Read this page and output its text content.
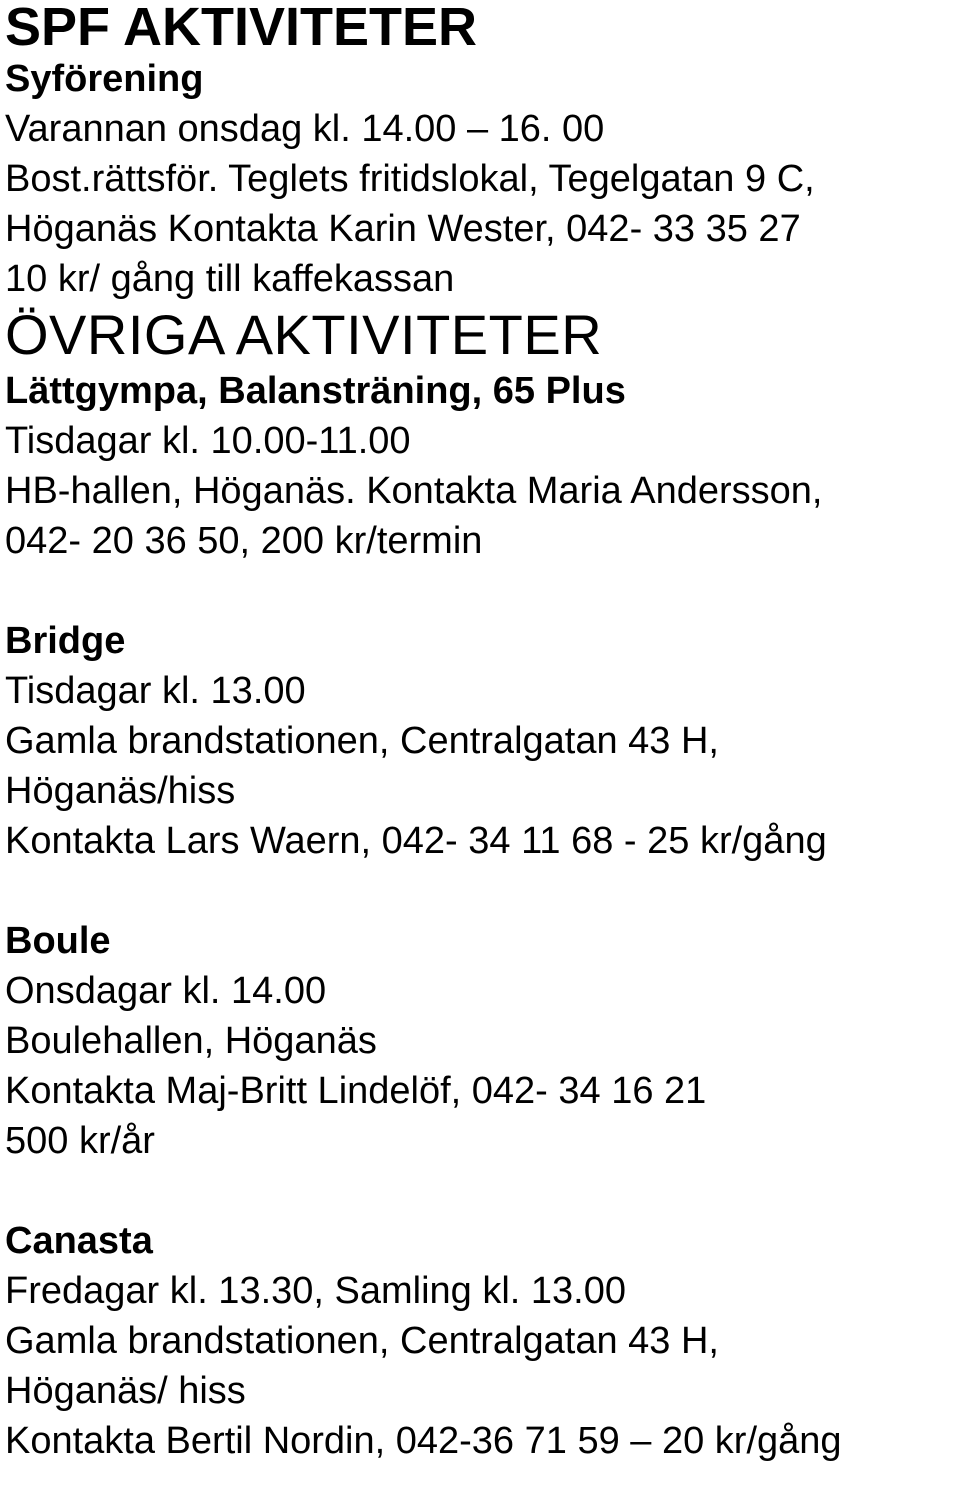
SPF AKTIVITETER
Syförening
Varannan onsdag kl. 14.00 – 16. 00
Bost.rättsför. Teglets fritidslokal, Tegelgatan 9 C,
Höganäs Kontakta Karin Wester, 042- 33 35 27
10 kr/ gång till kaffekassan
ÖVRIGA AKTIVITETER
Lättgympa, Balansträning, 65 Plus
Tisdagar kl. 10.00-11.00
HB-hallen, Höganäs. Kontakta Maria Andersson,
042- 20 36 50, 200 kr/termin
Bridge
Tisdagar kl. 13.00
Gamla brandstationen, Centralgatan 43 H,
Höganäs/hiss
Kontakta Lars Waern, 042- 34 11 68 - 25 kr/gång
Boule
Onsdagar kl. 14.00
Boulehallen, Höganäs
Kontakta Maj-Britt Lindelöf, 042- 34 16 21
500 kr/år
Canasta
Fredagar kl. 13.30, Samling kl. 13.00
Gamla brandstationen, Centralgatan 43 H,
Höganäs/ hiss
Kontakta Bertil Nordin, 042-36 71 59 – 20 kr/gång
